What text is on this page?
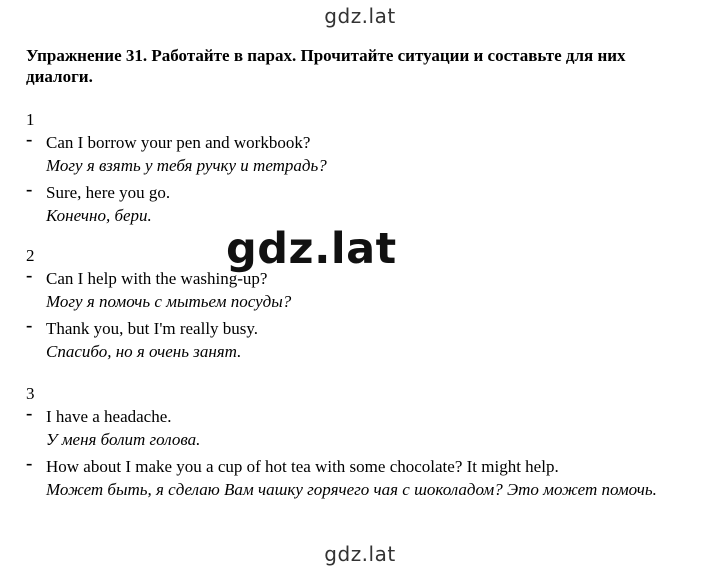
gdz.lat
Упражнение 31. Работайте в парах. Прочитайте ситуации и составьте для них диалоги.
1
- Can I borrow your pen and workbook?
Могу я взять у тебя ручку и тетрадь?
- Sure, here you go.
Конечно, бери.
2
- Can I help with the washing-up?
Могу я помочь с мытьем посуды?
- Thank you, but I'm really busy.
Спасибо, но я очень занят.
3
- I have a headache.
У меня болит голова.
- How about I make you a cup of hot tea with some chocolate? It might help.
Может быть, я сделаю Вам чашку горячего чая с шоколадом? Это может помочь.
gdz.lat
gdz.lat
